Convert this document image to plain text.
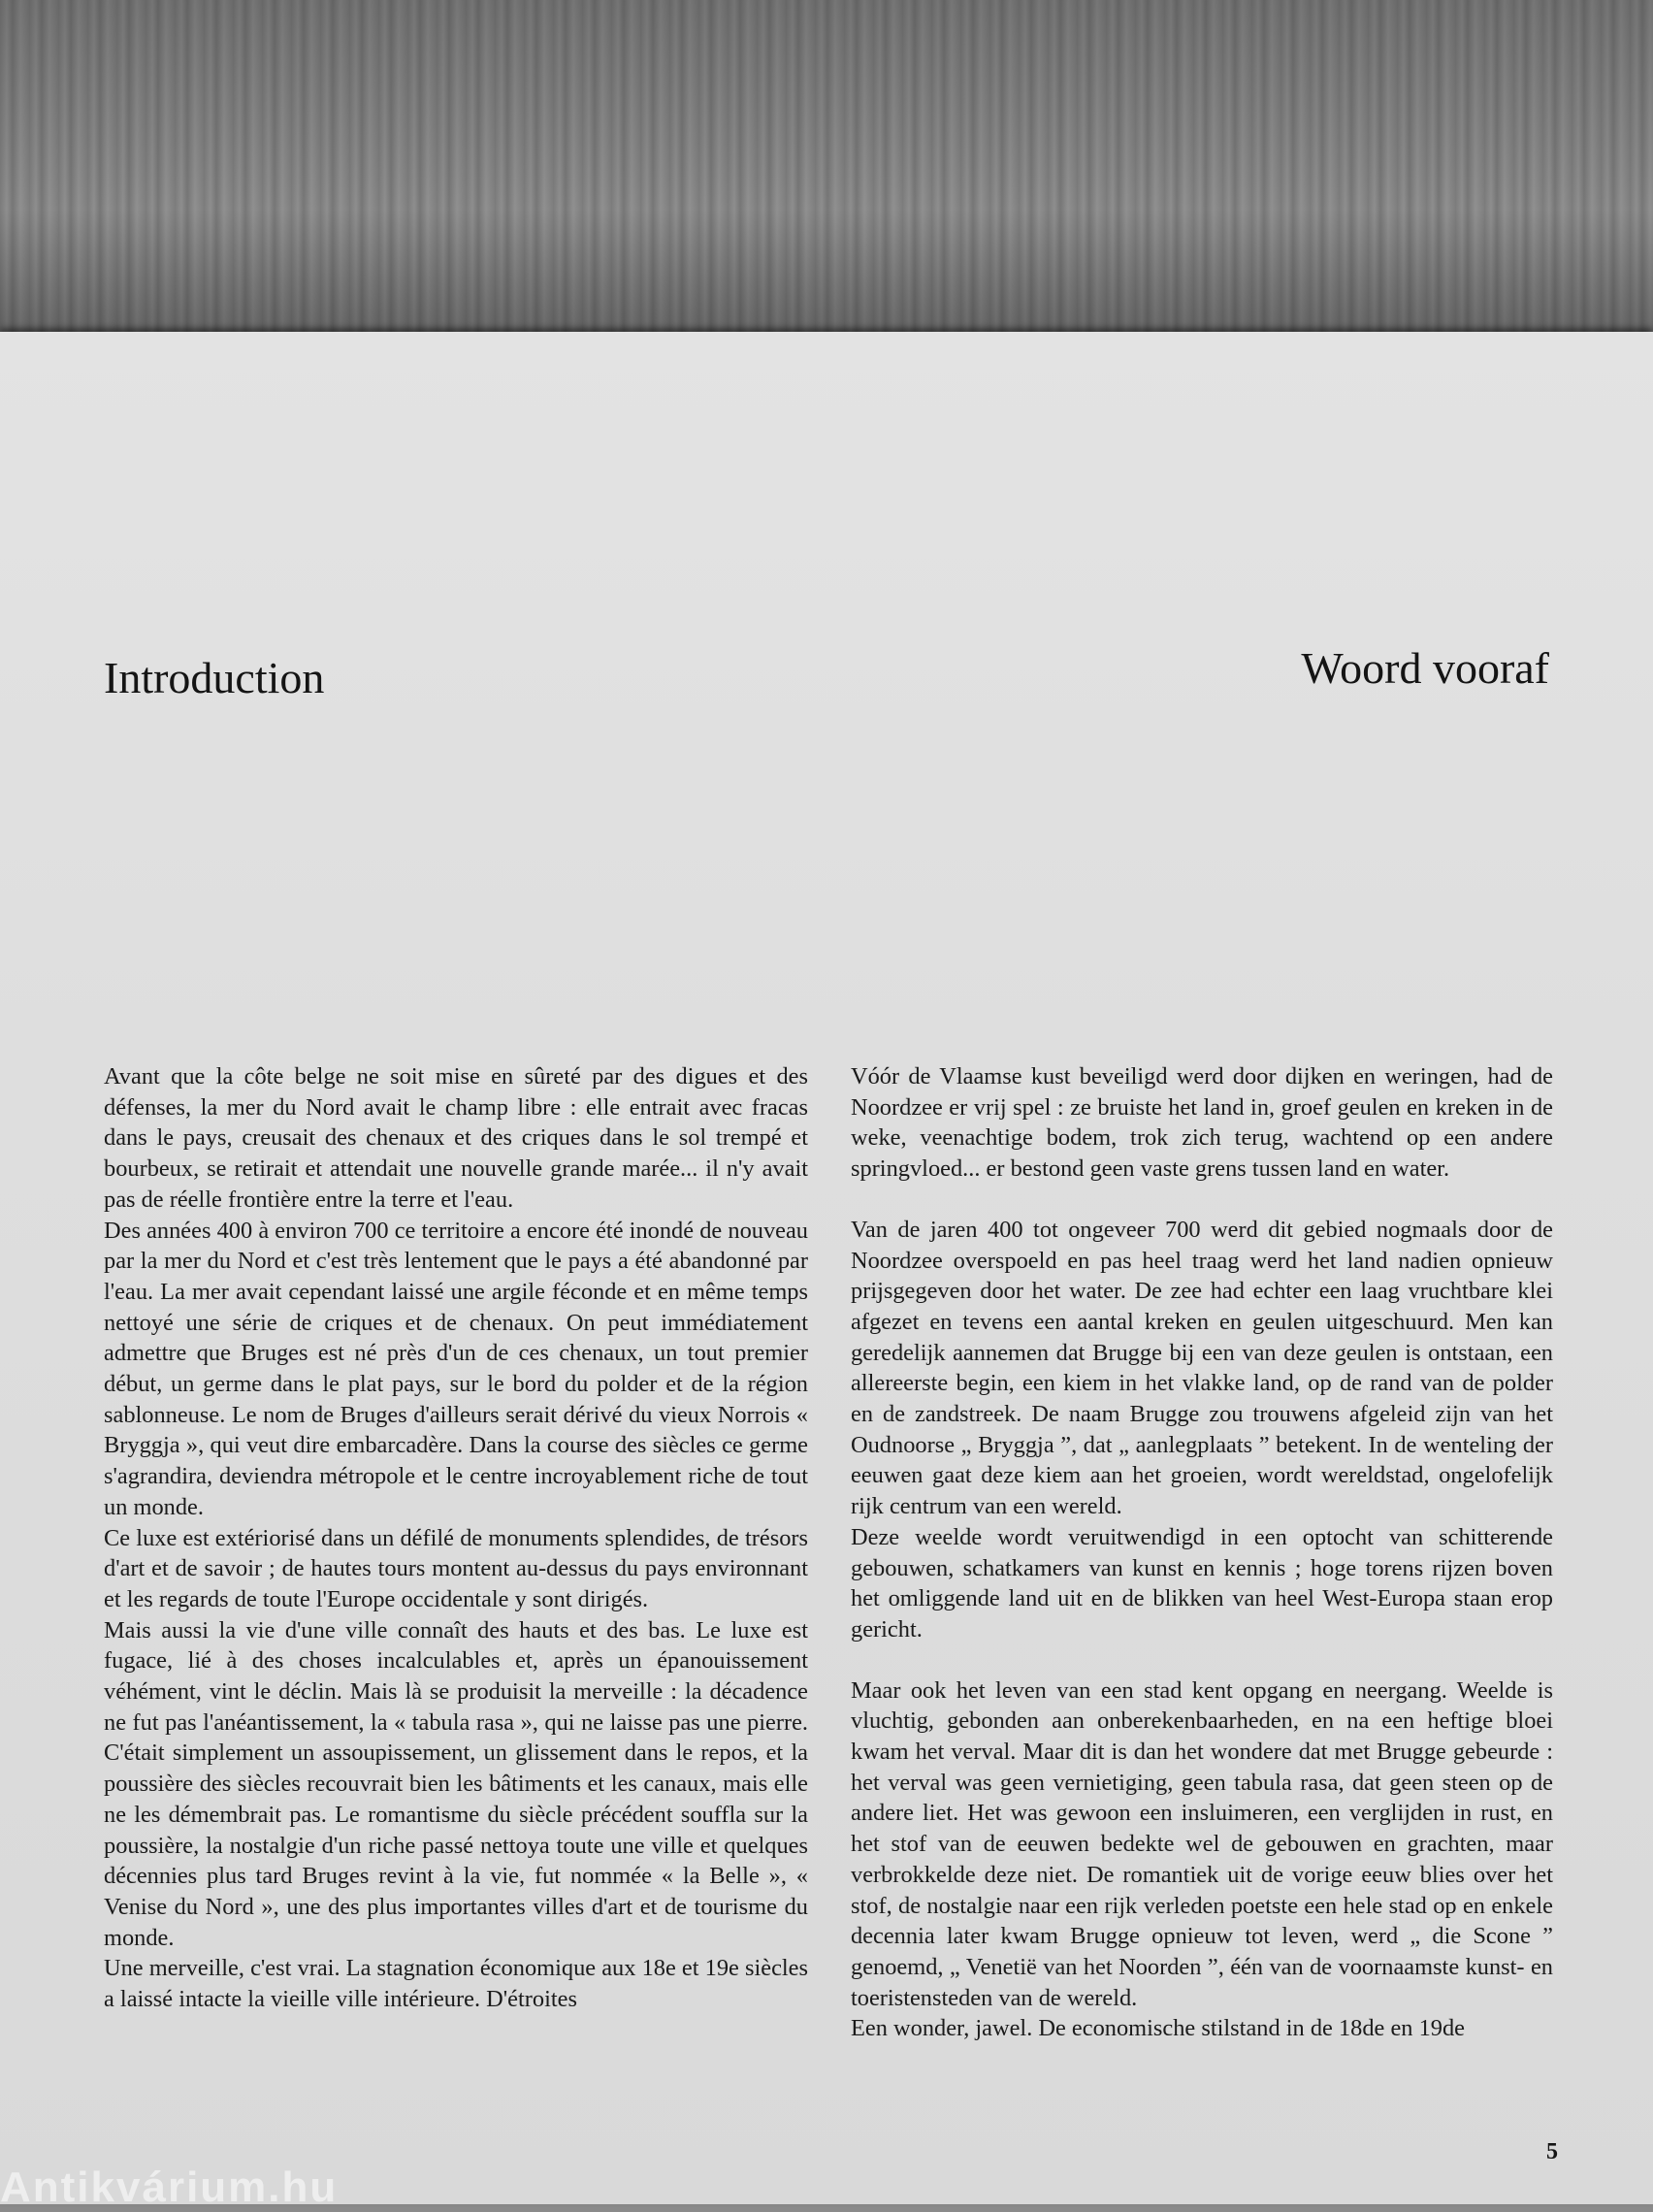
Introduction	Woord vooraf

Avant que la côte belge ne soit mise en sûreté par des digues et des défenses, la mer du Nord avait le champ libre : elle entrait avec fracas dans le pays, creusait des chenaux et des criques dans le sol trempé et bourbeux, se retirait et attendait une nouvelle grande marée... il n'y avait pas de réelle frontière entre la terre et l'eau.

Des années 400 à environ 700 ce territoire a encore été inondé de nouveau par la mer du Nord et c'est très lentement que le pays a été abandonné par l'eau. La mer avait cependant laissé une argile féconde et en même temps nettoyé une série de criques et de chenaux. On peut immédiatement admettre que Bruges est né près d'un de ces chenaux, un tout premier début, un germe dans le plat pays, sur le bord du polder et de la région sablonneuse. Le nom de Bruges d'ailleurs serait dérivé du vieux Norrois « Bryggja », qui veut dire embarcadère. Dans la course des siècles ce germe s'agrandira, deviendra métropole et le centre incroyablement riche de tout un monde.

Ce luxe est extériorisé dans un défilé de monuments splendides, de trésors d'art et de savoir ; de hautes tours montent au-dessus du pays environnant et les regards de toute l'Europe occidentale y sont dirigés.

Mais aussi la vie d'une ville connaît des hauts et des bas. Le luxe est fugace, lié à des choses incalculables et, après un épanouissement véhément, vint le déclin. Mais là se produisit la merveille : la décadence ne fut pas l'anéantissement, la « tabula rasa », qui ne laisse pas une pierre. C'était simplement un assoupissement, un glissement dans le repos, et la poussière des siècles recouvrait bien les bâtiments et les canaux, mais elle ne les démembrait pas. Le romantisme du siècle précédent souffla sur la poussière, la nostalgie d'un riche passé nettoya toute une ville et quelques décennies plus tard Bruges revint à la vie, fut nommée « la Belle », « Venise du Nord », une des plus importantes villes d'art et de tourisme du monde.

Une merveille, c'est vrai. La stagnation économique aux 18e et 19e siècles a laissé intacte la vieille ville intérieure. D'étroites

Vóór de Vlaamse kust beveiligd werd door dijken en weringen, had de Noordzee er vrij spel : ze bruiste het land in, groef geulen en kreken in de weke, veenachtige bodem, trok zich terug, wachtend op een andere springvloed... er bestond geen vaste grens tussen land en water.

Van de jaren 400 tot ongeveer 700 werd dit gebied nogmaals door de Noordzee overspoeld en pas heel traag werd het land nadien opnieuw prijsgegeven door het water. De zee had echter een laag vruchtbare klei afgezet en tevens een aantal kreken en geulen uitgeschuurd. Men kan geredelijk aannemen dat Brugge bij een van deze geulen is ontstaan, een allereerste begin, een kiem in het vlakke land, op de rand van de polder en de zandstreek. De naam Brugge zou trouwens afgeleid zijn van het Oudnoorse „ Bryggja ”, dat „ aanlegplaats ” betekent. In de wenteling der eeuwen gaat deze kiem aan het groeien, wordt wereldstad, ongelofelijk rijk centrum van een wereld.

Deze weelde wordt veruitwendigd in een optocht van schitterende gebouwen, schatkamers van kunst en kennis ; hoge torens rijzen boven het omliggende land uit en de blikken van heel West-Europa staan erop gericht.

Maar ook het leven van een stad kent opgang en neergang. Weelde is vluchtig, gebonden aan onberekenbaarheden, en na een heftige bloei kwam het verval. Maar dit is dan het wondere dat met Brugge gebeurde : het verval was geen vernietiging, geen tabula rasa, dat geen steen op de andere liet. Het was gewoon een insluimeren, een verglijden in rust, en het stof van de eeuwen bedekte wel de gebouwen en grachten, maar verbrokkelde deze niet. De romantiek uit de vorige eeuw blies over het stof, de nostalgie naar een rijk verleden poetste een hele stad op en enkele decennia later kwam Brugge opnieuw tot leven, werd „ die Scone ” genoemd, „ Venetië van het Noorden ”, één van de voornaamste kunst- en toeristensteden van de wereld.

Een wonder, jawel. De economische stilstand in de 18de en 19de

5
Antikvárium.hu
